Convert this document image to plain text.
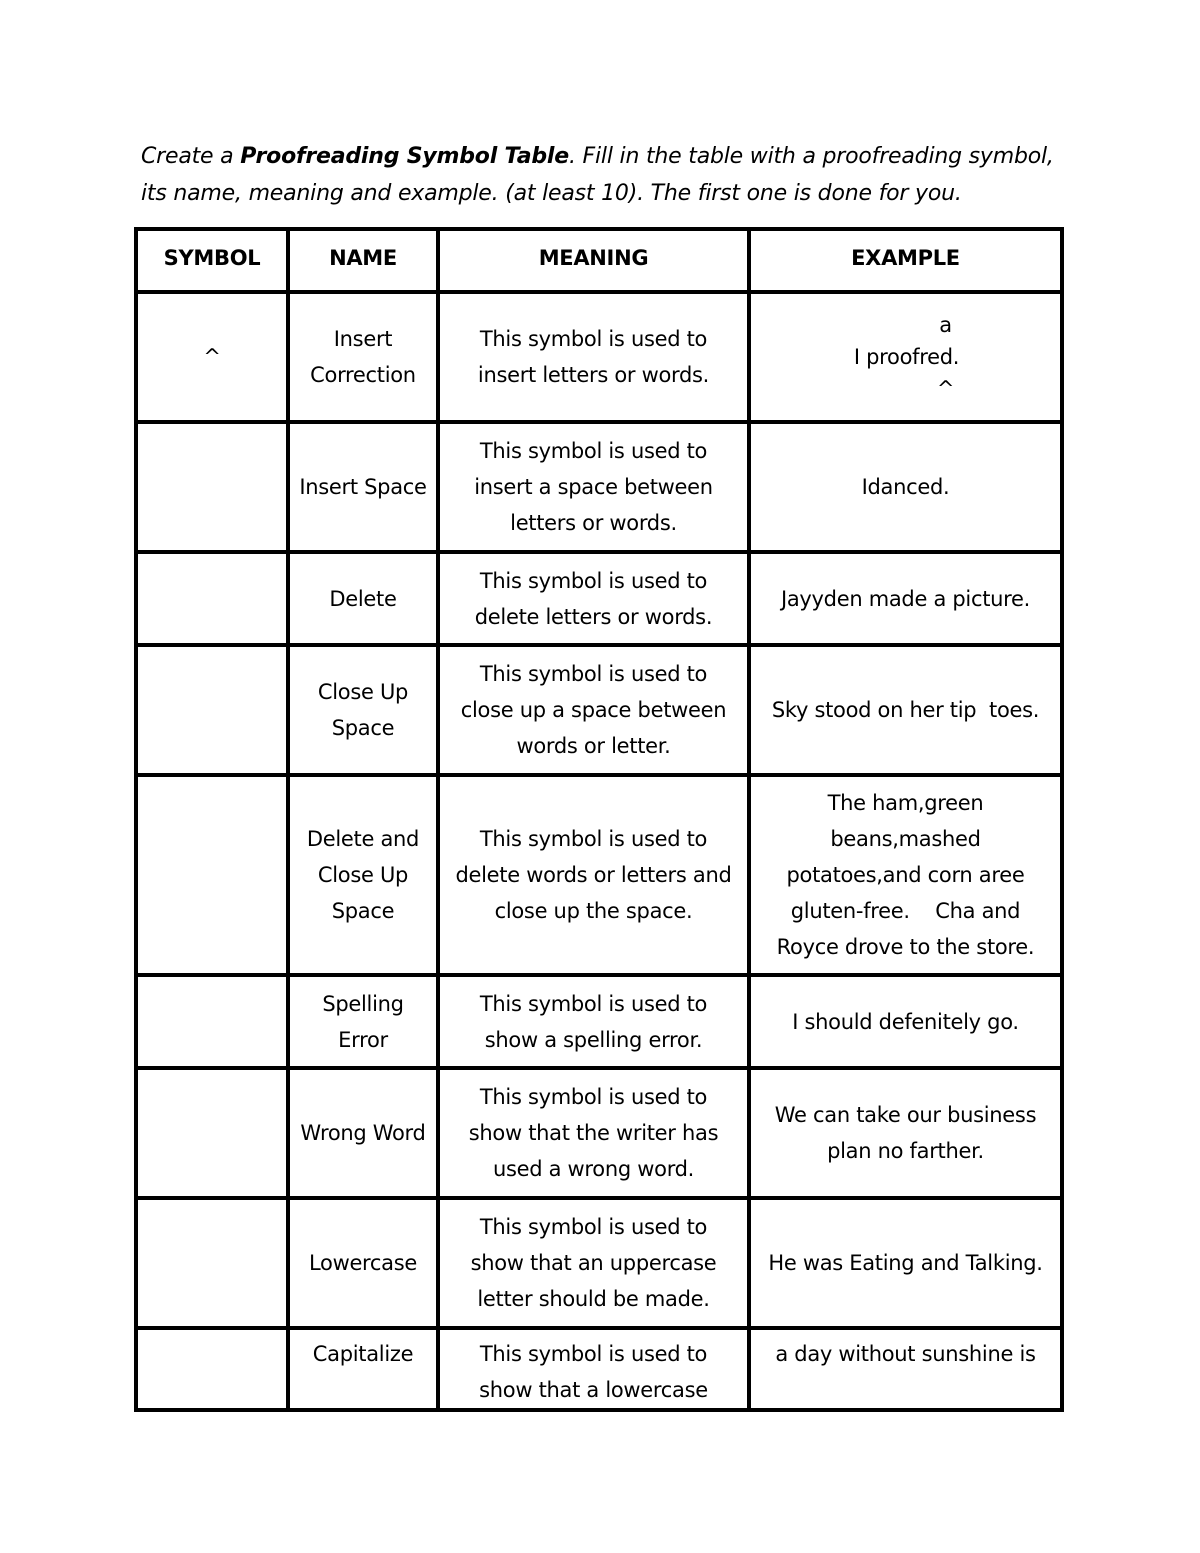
Create a Proofreading Symbol Table. Fill in the table with a proofreading symbol,
its name, meaning and example. (at least 10). The first one is done for you.
SYMBOL	NAME	MEANING	EXAMPLE
^	Insert
Correction	This symbol is used to
insert letters or words.	a
I proofred.
^

	Insert Space	This symbol is used to
insert a space between
letters or words.	Idanced.

	Delete	This symbol is used to
delete letters or words.	Jayyden made a picture.

	Close Up
Space	This symbol is used to
close up a space between
words or letter.	Sky stood on her tip  toes.

	Delete and
Close Up
Space	This symbol is used to
delete words or letters and
close up the space.	The ham,green
beans,mashed
potatoes,and corn aree
gluten-free.    Cha and
Royce drove to the store.

	Spelling
Error	This symbol is used to
show a spelling error.	I should defenitely go.

	Wrong Word	This symbol is used to
show that the writer has
used a wrong word.	We can take our business
plan no farther.

	Lowercase	This symbol is used to
show that an uppercase
letter should be made.	He was Eating and Talking.

	Capitalize	This symbol is used to
show that a lowercase	a day without sunshine is
